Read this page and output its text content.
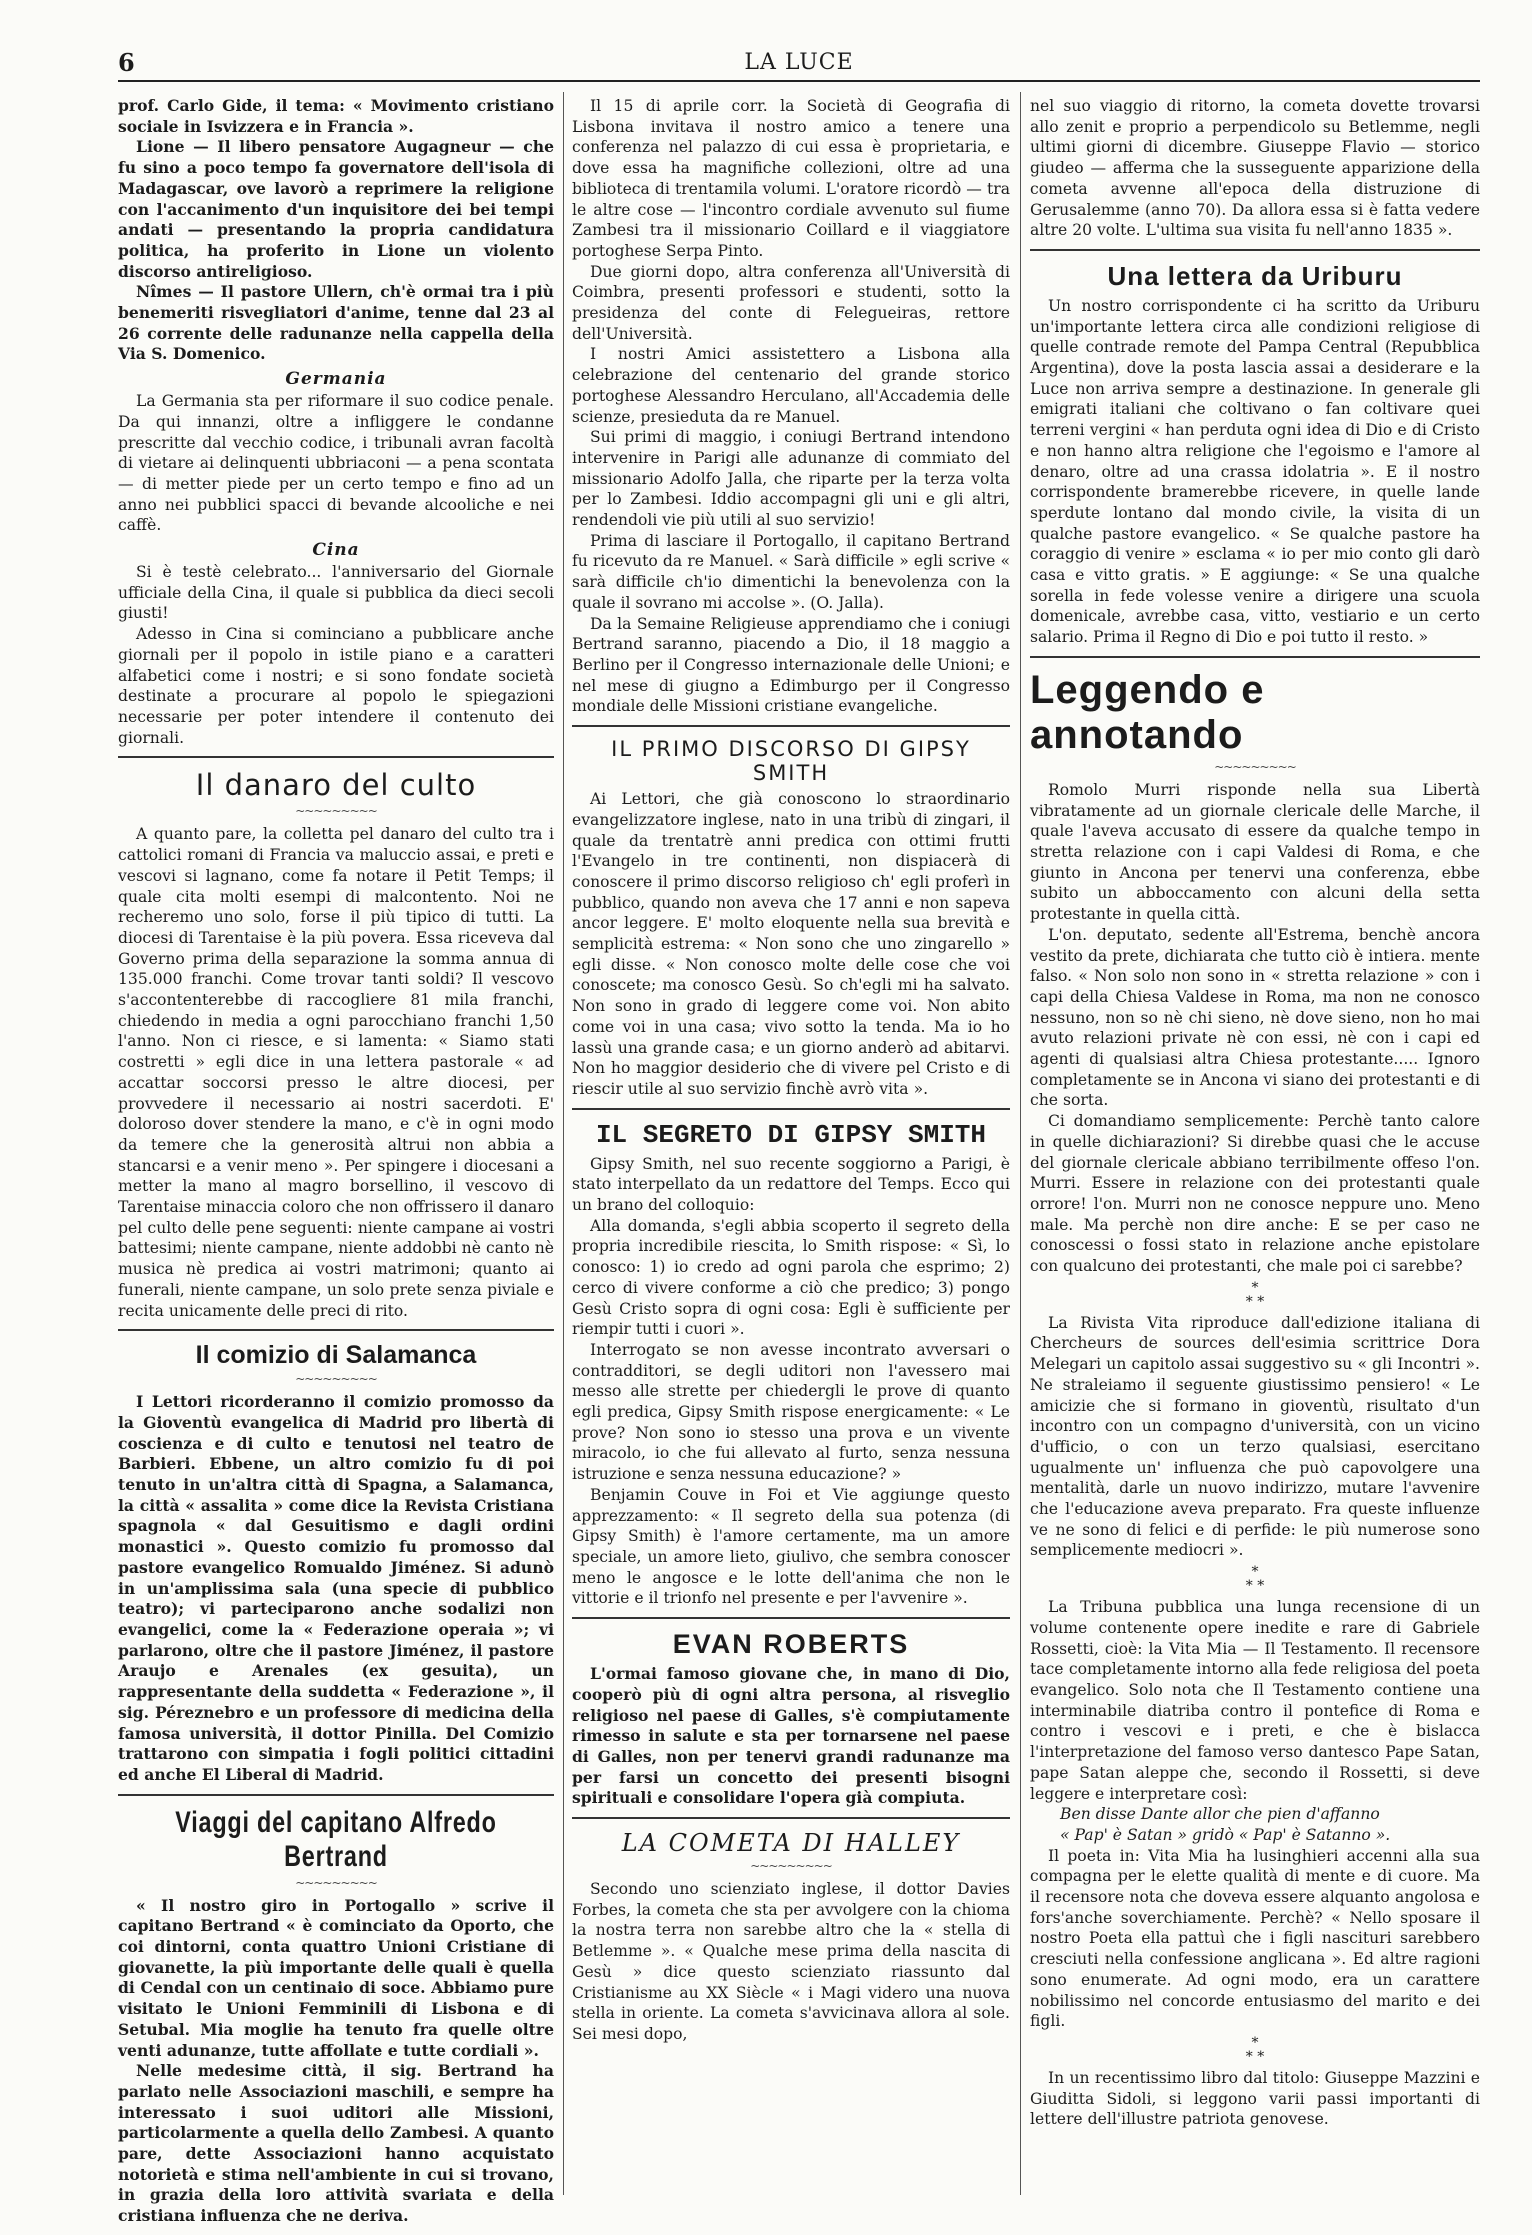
6	LA LUCE

prof. Carlo Gide, il tema: « Movimento cristiano sociale in Isvizzera e in Francia ».

Lione — Il libero pensatore Augagneur — che fu sino a poco tempo fa governatore dell'isola di Madagascar, ove lavorò a reprimere la religione con l'accanimento d'un inquisitore dei bei tempi andati — presentando la propria candidatura politica, ha proferito in Lione un violento discorso antireligioso.

Nîmes — Il pastore Ullern, ch'è ormai tra i più benemeriti risvegliatori d'anime, tenne dal 23 al 26 corrente delle radunanze nella cappella della Via S. Domenico.

Germania

La Germania sta per riformare il suo codice penale. Da qui innanzi, oltre a infliggere le condanne prescritte dal vecchio codice, i tribunali avran facoltà di vietare ai delinquenti ubbriaconi — a pena scontata — di metter piede per un certo tempo e fino ad un anno nei pubblici spacci di bevande alcooliche e nei caffè.

Cina

Si è testè celebrato... l'anniversario del Giornale ufficiale della Cina, il quale si pubblica da dieci secoli giusti!

Adesso in Cina si cominciano a pubblicare anche giornali per il popolo in istile piano e a caratteri alfabetici come i nostri; e si sono fondate società destinate a procurare al popolo le spiegazioni necessarie per poter intendere il contenuto dei giornali.

Il danaro del culto
~~~~~~~~~

A quanto pare, la colletta pel danaro del culto tra i cattolici romani di Francia va maluccio assai, e preti e vescovi si lagnano, come fa notare il Petit Temps; il quale cita molti esempi di malcontento. Noi ne recheremo uno solo, forse il più tipico di tutti. La diocesi di Tarentaise è la più povera. Essa riceveva dal Governo prima della separazione la somma annua di 135.000 franchi. Come trovar tanti soldi? Il vescovo s'accontenterebbe di raccogliere 81 mila franchi, chiedendo in media a ogni parocchiano franchi 1,50 l'anno. Non ci riesce, e si lamenta: « Siamo stati costretti » egli dice in una lettera pastorale « ad accattar soccorsi presso le altre diocesi, per provvedere il necessario ai nostri sacerdoti. E' doloroso dover stendere la mano, e c'è in ogni modo da temere che la generosità altrui non abbia a stancarsi e a venir meno ». Per spingere i diocesani a metter la mano al magro borsellino, il vescovo di Tarentaise minaccia coloro che non offrissero il danaro pel culto delle pene seguenti: niente campane ai vostri battesimi; niente campane, niente addobbi nè canto nè musica nè predica ai vostri matrimoni; quanto ai funerali, niente campane, un solo prete senza piviale e recita unicamente delle preci di rito.

Il comizio di Salamanca
~~~~~~~~~

I Lettori ricorderanno il comizio promosso da la Gioventù evangelica di Madrid pro libertà di coscienza e di culto e tenutosi nel teatro de Barbieri. Ebbene, un altro comizio fu di poi tenuto in un'altra città di Spagna, a Salamanca, la città « assalita » come dice la Revista Cristiana spagnola « dal Gesuitismo e dagli ordini monastici ». Questo comizio fu promosso dal pastore evangelico Romualdo Jiménez. Si adunò in un'amplissima sala (una specie di pubblico teatro); vi parteciparono anche sodalizi non evangelici, come la « Federazione operaia »; vi parlarono, oltre che il pastore Jiménez, il pastore Araujo e Arenales (ex gesuita), un rappresentante della suddetta « Federazione », il sig. Péreznebro e un professore di medicina della famosa università, il dottor Pinilla. Del Comizio trattarono con simpatia i fogli politici cittadini ed anche El Liberal di Madrid.

Viaggi del capitano Alfredo Bertrand
~~~~~~~~~

« Il nostro giro in Portogallo » scrive il capitano Bertrand « è cominciato da Oporto, che coi dintorni, conta quattro Unioni Cristiane di giovanette, la più importante delle quali è quella di Cendal con un centinaio di soce. Abbiamo pure visitato le Unioni Femminili di Lisbona e di Setubal. Mia moglie ha tenuto fra quelle oltre venti adunanze, tutte affollate e tutte cordiali ».

Nelle medesime città, il sig. Bertrand ha parlato nelle Associazioni maschili, e sempre ha interessato i suoi uditori alle Missioni, particolarmente a quella dello Zambesi. A quanto pare, dette Associazioni hanno acquistato notorietà e stima nell'ambiente in cui si trovano, in grazia della loro attività svariata e della cristiana influenza che ne deriva.

Il 15 di aprile corr. la Società di Geografia di Lisbona invitava il nostro amico a tenere una conferenza nel palazzo di cui essa è proprietaria, e dove essa ha magnifiche collezioni, oltre ad una biblioteca di trentamila volumi. L'oratore ricordò — tra le altre cose — l'incontro cordiale avvenuto sul fiume Zambesi tra il missionario Coillard e il viaggiatore portoghese Serpa Pinto.

Due giorni dopo, altra conferenza all'Università di Coimbra, presenti professori e studenti, sotto la presidenza del conte di Felegueiras, rettore dell'Università.

I nostri Amici assistettero a Lisbona alla celebrazione del centenario del grande storico portoghese Alessandro Herculano, all'Accademia delle scienze, presieduta da re Manuel.

Sui primi di maggio, i coniugi Bertrand intendono intervenire in Parigi alle adunanze di commiato del missionario Adolfo Jalla, che riparte per la terza volta per lo Zambesi. Iddio accompagni gli uni e gli altri, rendendoli vie più utili al suo servizio!

Prima di lasciare il Portogallo, il capitano Bertrand fu ricevuto da re Manuel. « Sarà difficile » egli scrive « sarà difficile ch'io dimentichi la benevolenza con la quale il sovrano mi accolse ». (O. Jalla).

Da la Semaine Religieuse apprendiamo che i coniugi Bertrand saranno, piacendo a Dio, il 18 maggio a Berlino per il Congresso internazionale delle Unioni; e nel mese di giugno a Edimburgo per il Congresso mondiale delle Missioni cristiane evangeliche.

IL PRIMO DISCORSO DI GIPSY SMITH

Ai Lettori, che già conoscono lo straordinario evangelizzatore inglese, nato in una tribù di zingari, il quale da trentatrè anni predica con ottimi frutti l'Evangelo in tre continenti, non dispiacerà di conoscere il primo discorso religioso ch' egli proferì in pubblico, quando non aveva che 17 anni e non sapeva ancor leggere. E' molto eloquente nella sua brevità e semplicità estrema: « Non sono che uno zingarello » egli disse. « Non conosco molte delle cose che voi conoscete; ma conosco Gesù. So ch'egli mi ha salvato. Non sono in grado di leggere come voi. Non abito come voi in una casa; vivo sotto la tenda. Ma io ho lassù una grande casa; e un giorno anderò ad abitarvi. Non ho maggior desiderio che di vivere pel Cristo e di riescir utile al suo servizio finchè avrò vita ».

IL SEGRETO DI GIPSY SMITH

Gipsy Smith, nel suo recente soggiorno a Parigi, è stato interpellato da un redattore del Temps. Ecco qui un brano del colloquio:

Alla domanda, s'egli abbia scoperto il segreto della propria incredibile riescita, lo Smith rispose: « Sì, lo conosco: 1) io credo ad ogni parola che esprimo; 2) cerco di vivere conforme a ciò che predico; 3) pongo Gesù Cristo sopra di ogni cosa: Egli è sufficiente per riempir tutti i cuori ».

Interrogato se non avesse incontrato avversari o contradditori, se degli uditori non l'avessero mai messo alle strette per chiedergli le prove di quanto egli predica, Gipsy Smith rispose energicamente: « Le prove? Non sono io stesso una prova e un vivente miracolo, io che fui allevato al furto, senza nessuna istruzione e senza nessuna educazione? »

Benjamin Couve in Foi et Vie aggiunge questo apprezzamento: « Il segreto della sua potenza (di Gipsy Smith) è l'amore certamente, ma un amore speciale, un amore lieto, giulivo, che sembra conoscer meno le angosce e le lotte dell'anima che non le vittorie e il trionfo nel presente e per l'avvenire ».

EVAN ROBERTS

L'ormai famoso giovane che, in mano di Dio, cooperò più di ogni altra persona, al risveglio religioso nel paese di Galles, s'è compiutamente rimesso in salute e sta per tornarsene nel paese di Galles, non per tenervi grandi radunanze ma per farsi un concetto dei presenti bisogni spirituali e consolidare l'opera già compiuta.

LA COMETA DI HALLEY
~~~~~~~~~

Secondo uno scienziato inglese, il dottor Davies Forbes, la cometa che sta per avvolgere con la chioma la nostra terra non sarebbe altro che la « stella di Betlemme ». « Qualche mese prima della nascita di Gesù » dice questo scienziato riassunto dal Cristianisme au XX Siècle « i Magi videro una nuova stella in oriente. La cometa s'avvicinava allora al sole. Sei mesi dopo,

nel suo viaggio di ritorno, la cometa dovette trovarsi allo zenit e proprio a perpendicolo su Betlemme, negli ultimi giorni di dicembre. Giuseppe Flavio — storico giudeo — afferma che la susseguente apparizione della cometa avvenne all'epoca della distruzione di Gerusalemme (anno 70). Da allora essa si è fatta vedere altre 20 volte. L'ultima sua visita fu nell'anno 1835 ».

Una lettera da Uriburu

Un nostro corrispondente ci ha scritto da Uriburu un'importante lettera circa alle condizioni religiose di quelle contrade remote del Pampa Central (Repubblica Argentina), dove la posta lascia assai a desiderare e la Luce non arriva sempre a destinazione. In generale gli emigrati italiani che coltivano o fan coltivare quei terreni vergini « han perduta ogni idea di Dio e di Cristo e non hanno altra religione che l'egoismo e l'amore al denaro, oltre ad una crassa idolatria ». E il nostro corrispondente bramerebbe ricevere, in quelle lande sperdute lontano dal mondo civile, la visita di un qualche pastore evangelico. « Se qualche pastore ha coraggio di venire » esclama « io per mio conto gli darò casa e vitto gratis. » E aggiunge: « Se una qualche sorella in fede volesse venire a dirigere una scuola domenicale, avrebbe casa, vitto, vestiario e un certo salario. Prima il Regno di Dio e poi tutto il resto. »

Leggendo e annotando
~~~~~~~~~

Romolo Murri risponde nella sua Libertà vibratamente ad un giornale clericale delle Marche, il quale l'aveva accusato di essere da qualche tempo in stretta relazione con i capi Valdesi di Roma, e che giunto in Ancona per tenervi una conferenza, ebbe subito un abboccamento con alcuni della setta protestante in quella città.

L'on. deputato, sedente all'Estrema, benchè ancora vestito da prete, dichiarata che tutto ciò è intiera. mente falso. « Non solo non sono in « stretta relazione » con i capi della Chiesa Valdese in Roma, ma non ne conosco nessuno, non so nè chi sieno, nè dove sieno, non ho mai avuto relazioni private nè con essi, nè con i capi ed agenti di qualsiasi altra Chiesa protestante..... Ignoro completamente se in Ancona vi siano dei protestanti e di che sorta.

Ci domandiamo semplicemente: Perchè tanto calore in quelle dichiarazioni? Si direbbe quasi che le accuse del giornale clericale abbiano terribilmente offeso l'on. Murri. Essere in relazione con dei protestanti quale orrore! l'on. Murri non ne conosce neppure uno. Meno male. Ma perchè non dire anche: E se per caso ne conoscessi o fossi stato in relazione anche epistolare con qualcuno dei protestanti, che male poi ci sarebbe?

*
* *

La Rivista Vita riproduce dall'edizione italiana di Chercheurs de sources dell'esimia scrittrice Dora Melegari un capitolo assai suggestivo su « gli Incontri ». Ne straleiamo il seguente giustissimo pensiero! « Le amicizie che si formano in gioventù, risultato d'un incontro con un compagno d'università, con un vicino d'ufficio, o con un terzo qualsiasi, esercitano ugualmente un' influenza che può capovolgere una mentalità, darle un nuovo indirizzo, mutare l'avvenire che l'educazione aveva preparato. Fra queste influenze ve ne sono di felici e di perfide: le più numerose sono semplicemente mediocri ».

*
* *

La Tribuna pubblica una lunga recensione di un volume contenente opere inedite e rare di Gabriele Rossetti, cioè: la Vita Mia — Il Testamento. Il recensore tace completamente intorno alla fede religiosa del poeta evangelico. Solo nota che Il Testamento contiene una interminabile diatriba contro il pontefice di Roma e contro i vescovi e i preti, e che è bislacca l'interpretazione del famoso verso dantesco Pape Satan, pape Satan aleppe che, secondo il Rossetti, si deve leggere e interpretare così:

Ben disse Dante allor che pien d'affanno

« Pap' è Satan » gridò « Pap' è Satanno ».

Il poeta in: Vita Mia ha lusinghieri accenni alla sua compagna per le elette qualità di mente e di cuore. Ma il recensore nota che doveva essere alquanto angolosa e fors'anche soverchiamente. Perchè? « Nello sposare il nostro Poeta ella pattuì che i figli nascituri sarebbero cresciuti nella confessione anglicana ». Ed altre ragioni sono enumerate. Ad ogni modo, era un carattere nobilissimo nel concorde entusiasmo del marito e dei figli.

*
* *

In un recentissimo libro dal titolo: Giuseppe Mazzini e Giuditta Sidoli, si leggono varii passi importanti di lettere dell'illustre patriota genovese.
